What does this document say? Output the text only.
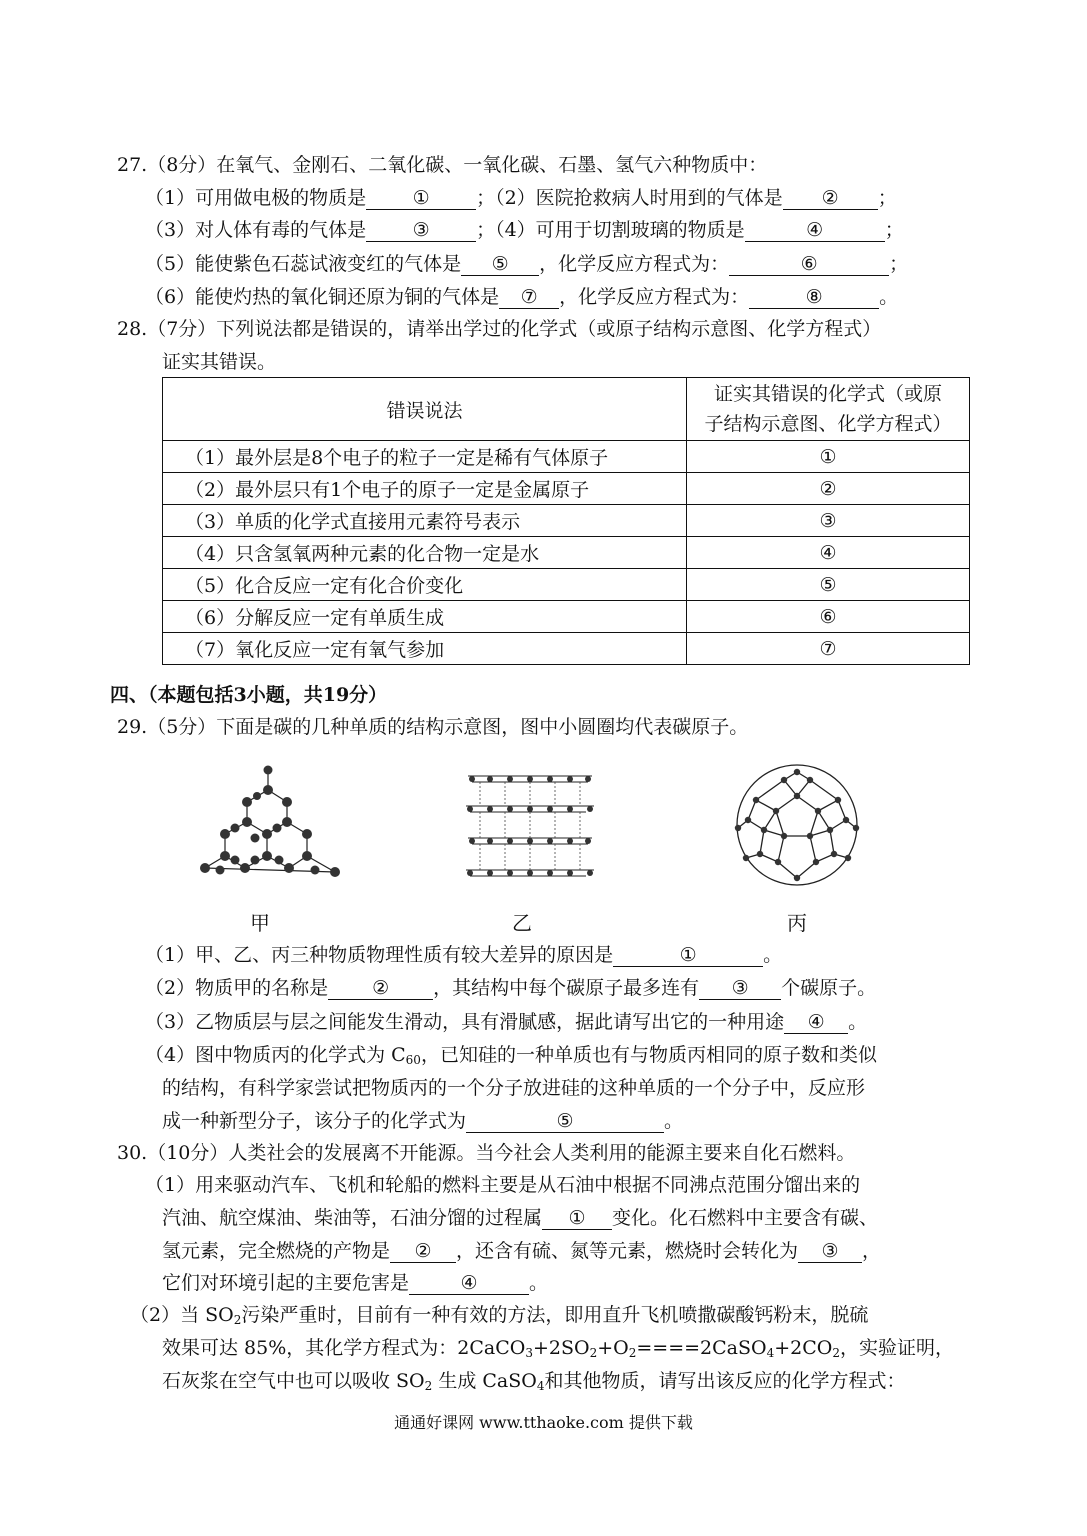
27.（8分）在氧气、金刚石、二氧化碳、一氧化碳、石墨、氢气六种物质中：
（1）可用做电极的物质是 ① ；（2）医院抢救病人时用到的气体是 ② ；
（3）对人体有毒的气体是 ③ ；（4）可用于切割玻璃的物质是	④	；
（5）能使紫色石蕊试液变红的气体是 ⑤ ，化学反应方程式为：	⑥	；
（6）能使灼热的氧化铜还原为铜的气体是 ⑦ ，化学反应方程式为：	⑧	。
28.（7分）下列说法都是错误的，请举出学过的化学式（或原子结构示意图、化学方程式）
证实其错误。
错误说法	证实其错误的化学式（或原
子结构示意图、化学方程式）
（1）最外层是8个电子的粒子一定是稀有气体原子	①
（2）最外层只有1个电子的原子一定是金属原子	②
（3）单质的化学式直接用元素符号表示	③
（4）只含氢氧两种元素的化合物一定是水	④
（5）化合反应一定有化合价变化	⑤
（6）分解反应一定有单质生成	⑥
（7）氧化反应一定有氧气参加	⑦
四、（本题包括3小题，共19分）
29.（5分）下面是碳的几种单质的结构示意图，图中小圆圈均代表碳原子。
甲	乙	丙
（1）甲、乙、丙三种物质物理性质有较大差异的原因是	①	。
（2）物质甲的名称是 ② ，其结构中每个碳原子最多连有 ③ 个碳原子。
（3）乙物质层与层之间能发生滑动，具有滑腻感，据此请写出它的一种用途 ④ 。
（4）图中物质丙的化学式为 $C_{60}$，已知硅的一种单质也有与物质丙相同的原子数和类似
的结构，有科学家尝试把物质丙的一个分子放进硅的这种单质的一个分子中，反应形
成一种新型分子，该分子的化学式为	⑤	。
30.（10分）人类社会的发展离不开能源。当今社会人类利用的能源主要来自化石燃料。
（1）用来驱动汽车、飞机和轮船的燃料主要是从石油中根据不同沸点范围分馏出来的
汽油、航空煤油、柴油等，石油分馏的过程属 ① 变化。化石燃料中主要含有碳、
氢元素，完全燃烧的产物是 ② ，还含有硫、氮等元素，燃烧时会转化为 ③ ，
它们对环境引起的主要危害是	④	。
（2）当 $SO_2$污染严重时，目前有一种有效的方法，即用直升飞机喷撒碳酸钙粉末，脱硫
效果可达 85%，其化学方程式为：$2CaCO_3+2SO_2+O_2====2CaSO_4+2CO_2$，实验证明，
石灰浆在空气中也可以吸收 $SO_2$ 生成 CaSO$_4$和其他物质，请写出该反应的化学方程式：
通通好课网 www.tthaoke.com 提供下载
